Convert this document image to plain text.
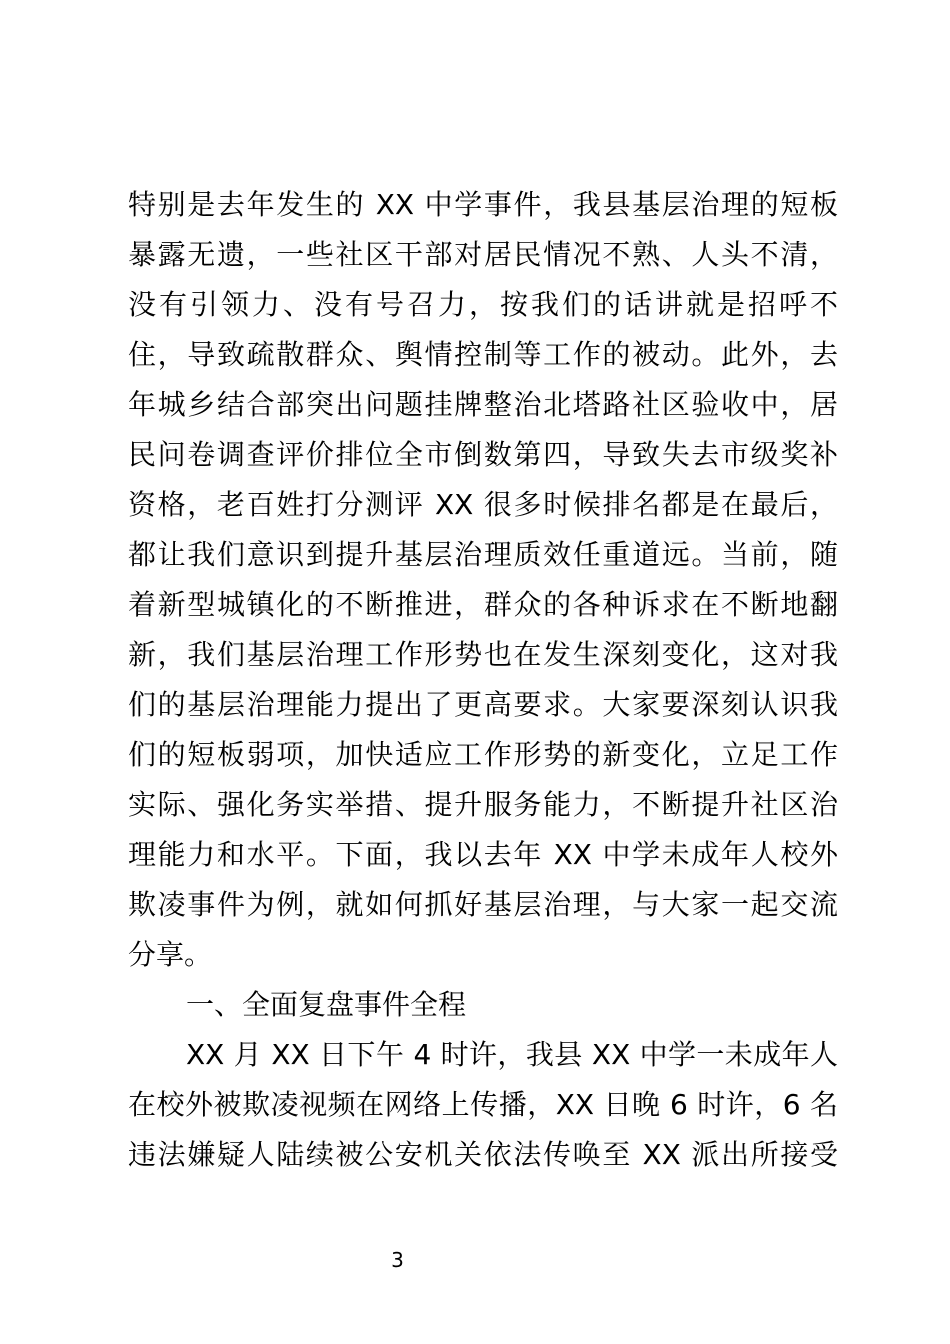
特别是去年发生的 XX 中学事件，我县基层治理的短板
暴露无遗，一些社区干部对居民情况不熟、人头不清，
没有引领力、没有号召力，按我们的话讲就是招呼不
住，导致疏散群众、舆情控制等工作的被动。此外，去
年城乡结合部突出问题挂牌整治北塔路社区验收中，居
民问卷调查评价排位全市倒数第四，导致失去市级奖补
资格，老百姓打分测评 XX 很多时候排名都是在最后，
都让我们意识到提升基层治理质效任重道远。当前，随
着新型城镇化的不断推进，群众的各种诉求在不断地翻
新，我们基层治理工作形势也在发生深刻变化，这对我
们的基层治理能力提出了更高要求。大家要深刻认识我
们的短板弱项，加快适应工作形势的新变化，立足工作
实际、强化务实举措、提升服务能力，不断提升社区治
理能力和水平。下面，我以去年 XX 中学未成年人校外
欺凌事件为例，就如何抓好基层治理，与大家一起交流
分享。
一、全面复盘事件全程
XX 月 XX 日下午 4 时许，我县 XX 中学一未成年人
在校外被欺凌视频在网络上传播，XX 日晚 6 时许，6 名
违法嫌疑人陆续被公安机关依法传唤至 XX 派出所接受
3
